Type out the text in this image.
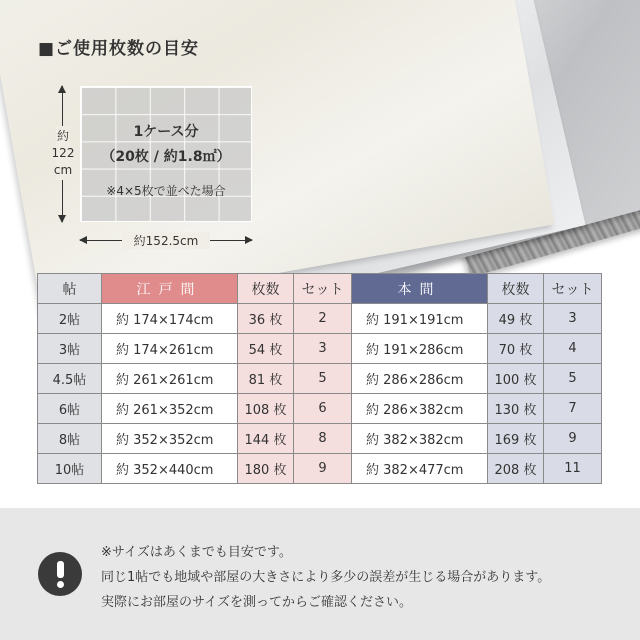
■ご使用枚数の目安
1ケース分
（20枚 / 約1.8㎡）
※4×5枚で並べた場合
約
122
cm
約152.5cm
帖	江戸間	枚数	セット	本間	枚数	セット
2帖	約 174×174cm	36 枚	2	約 191×191cm	49 枚	3
3帖	約 174×261cm	54 枚	3	約 191×286cm	70 枚	4
4.5帖	約 261×261cm	81 枚	5	約 286×286cm	100 枚	5
6帖	約 261×352cm	108 枚	6	約 286×382cm	130 枚	7
8帖	約 352×352cm	144 枚	8	約 382×382cm	169 枚	9
10帖	約 352×440cm	180 枚	9	約 382×477cm	208 枚	11
※サイズはあくまでも目安です。
同じ1帖でも地域や部屋の大きさにより多少の誤差が生じる場合があります。
実際にお部屋のサイズを測ってからご確認ください。
